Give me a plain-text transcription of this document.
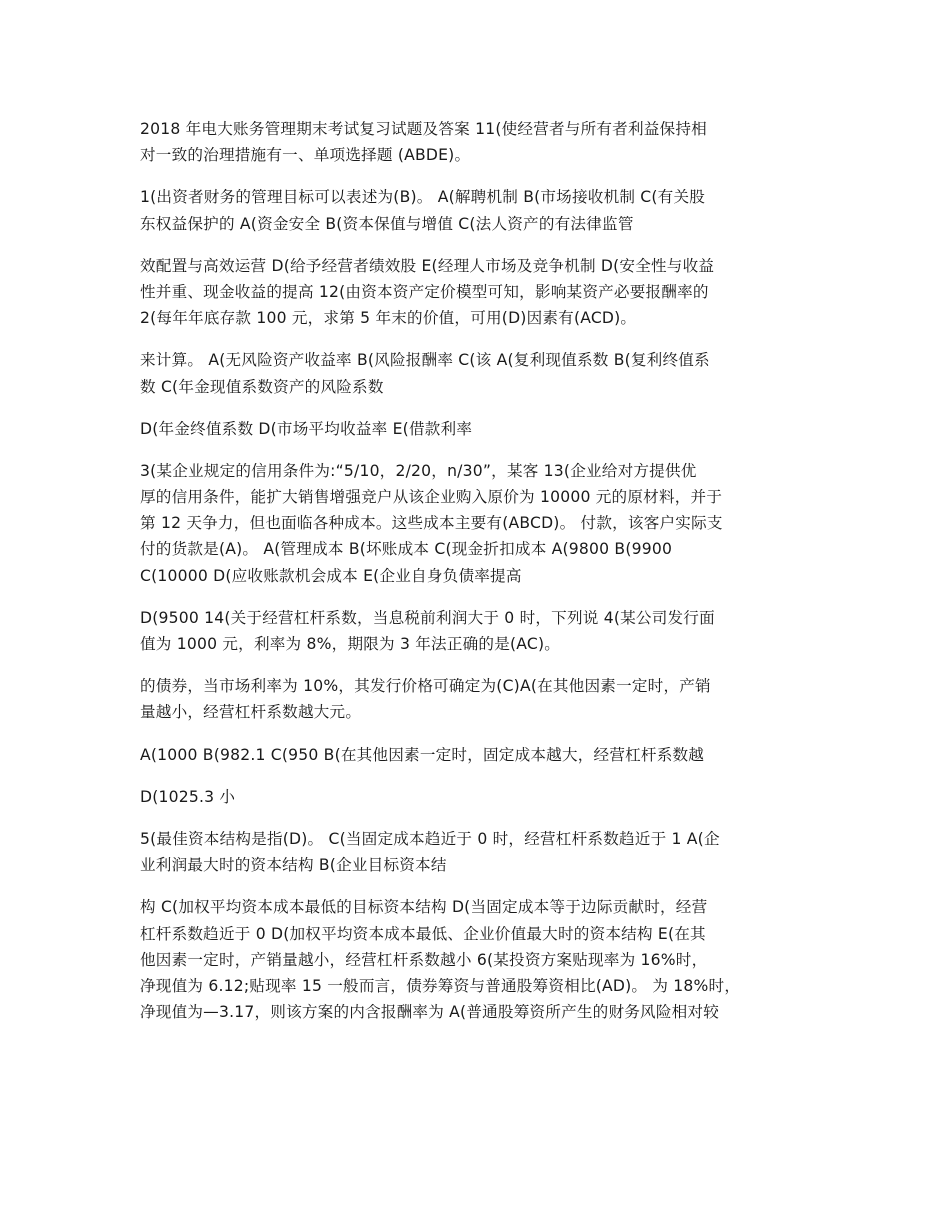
2018 年电大账务管理期末考试复习试题及答案 11(使经营者与所有者利益保持相
对一致的治理措施有一、单项选择题 (ABDE)。
1(出资者财务的管理目标可以表述为(B)。 A(解聘机制 B(市场接收机制 C(有关股
东权益保护的 A(资金安全 B(资本保值与增值 C(法人资产的有法律监管
效配置与高效运营 D(给予经营者绩效股 E(经理人市场及竞争机制 D(安全性与收益
性并重、现金收益的提高 12(由资本资产定价模型可知，影响某资产必要报酬率的
2(每年年底存款 100 元，求第 5 年末的价值，可用(D)因素有(ACD)。
来计算。 A(无风险资产收益率 B(风险报酬率 C(该 A(复利现值系数 B(复利终值系
数 C(年金现值系数资产的风险系数
D(年金终值系数 D(市场平均收益率 E(借款利率
3(某企业规定的信用条件为:“5/10，2/20，n/30”，某客 13(企业给对方提供优
厚的信用条件，能扩大销售增强竞户从该企业购入原价为 10000 元的原材料，并于
第 12 天争力，但也面临各种成本。这些成本主要有(ABCD)。 付款，该客户实际支
付的货款是(A)。 A(管理成本 B(坏账成本 C(现金折扣成本 A(9800 B(9900
C(10000 D(应收账款机会成本 E(企业自身负债率提高
D(9500 14(关于经营杠杆系数，当息税前利润大于 0 时，下列说 4(某公司发行面
值为 1000 元，利率为 8%，期限为 3 年法正确的是(AC)。
的债券，当市场利率为 10%，其发行价格可确定为(C)A(在其他因素一定时，产销
量越小，经营杠杆系数越大元。
A(1000 B(982.1 C(950 B(在其他因素一定时，固定成本越大，经营杠杆系数越
D(1025.3 小
5(最佳资本结构是指(D)。 C(当固定成本趋近于 0 时，经营杠杆系数趋近于 1 A(企
业利润最大时的资本结构 B(企业目标资本结
构 C(加权平均资本成本最低的目标资本结构 D(当固定成本等于边际贡献时，经营
杠杆系数趋近于 0 D(加权平均资本成本最低、企业价值最大时的资本结构 E(在其
他因素一定时，产销量越小，经营杠杆系数越小 6(某投资方案贴现率为 16%时，
净现值为 6.12;贴现率 15 一般而言，债券筹资与普通股筹资相比(AD)。 为 18%时，
净现值为—3.17，则该方案的内含报酬率为 A(普通股筹资所产生的财务风险相对较
